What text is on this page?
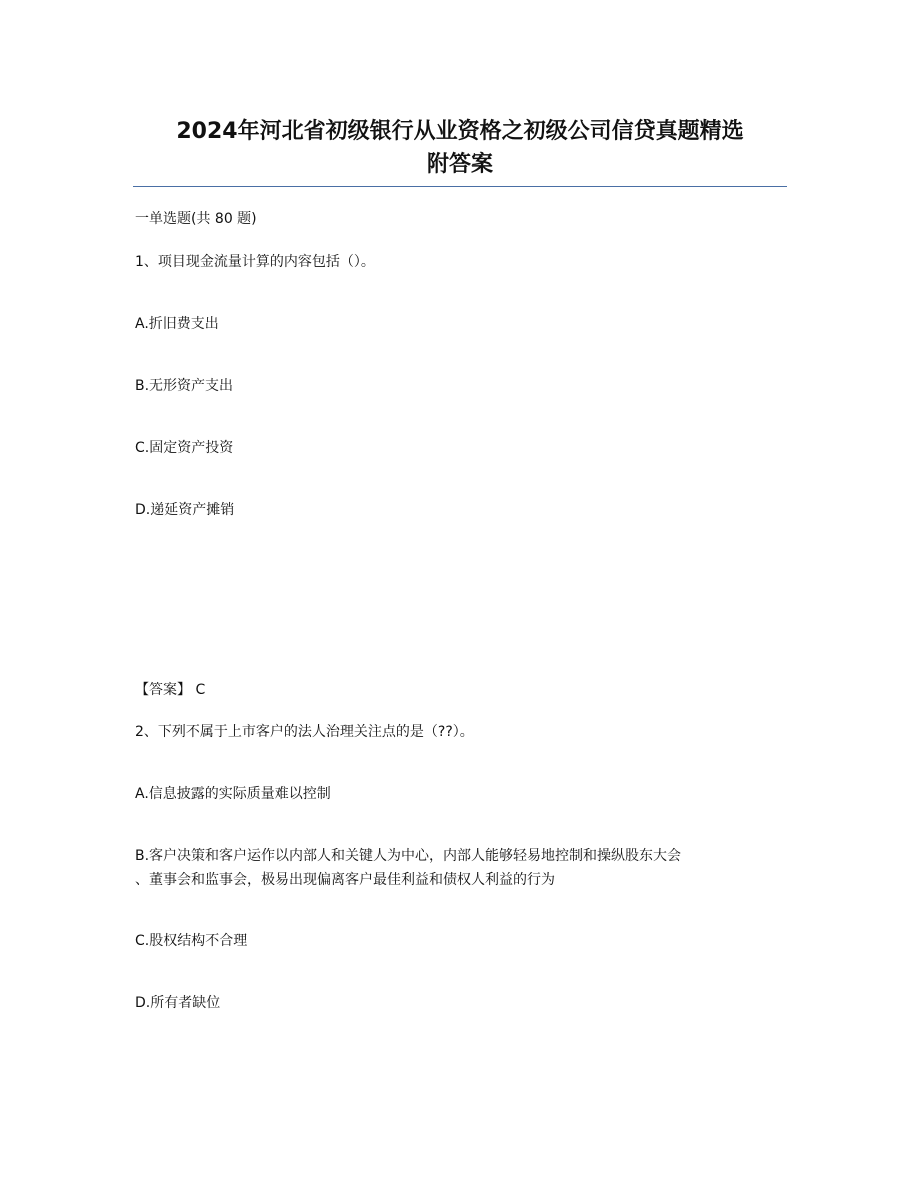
2024年河北省初级银行从业资格之初级公司信贷真题精选
附答案
一单选题(共 80 题)
1、项目现金流量计算的内容包括（）。
A.折旧费支出
B.无形资产支出
C.固定资产投资
D.递延资产摊销
【答案】 C
2、下列不属于上市客户的法人治理关注点的是（??）。
A.信息披露的实际质量难以控制
B.客户决策和客户运作以内部人和关键人为中心，内部人能够轻易地控制和操纵股东大会
、董事会和监事会，极易出现偏离客户最佳利益和债权人利益的行为
C.股权结构不合理
D.所有者缺位
